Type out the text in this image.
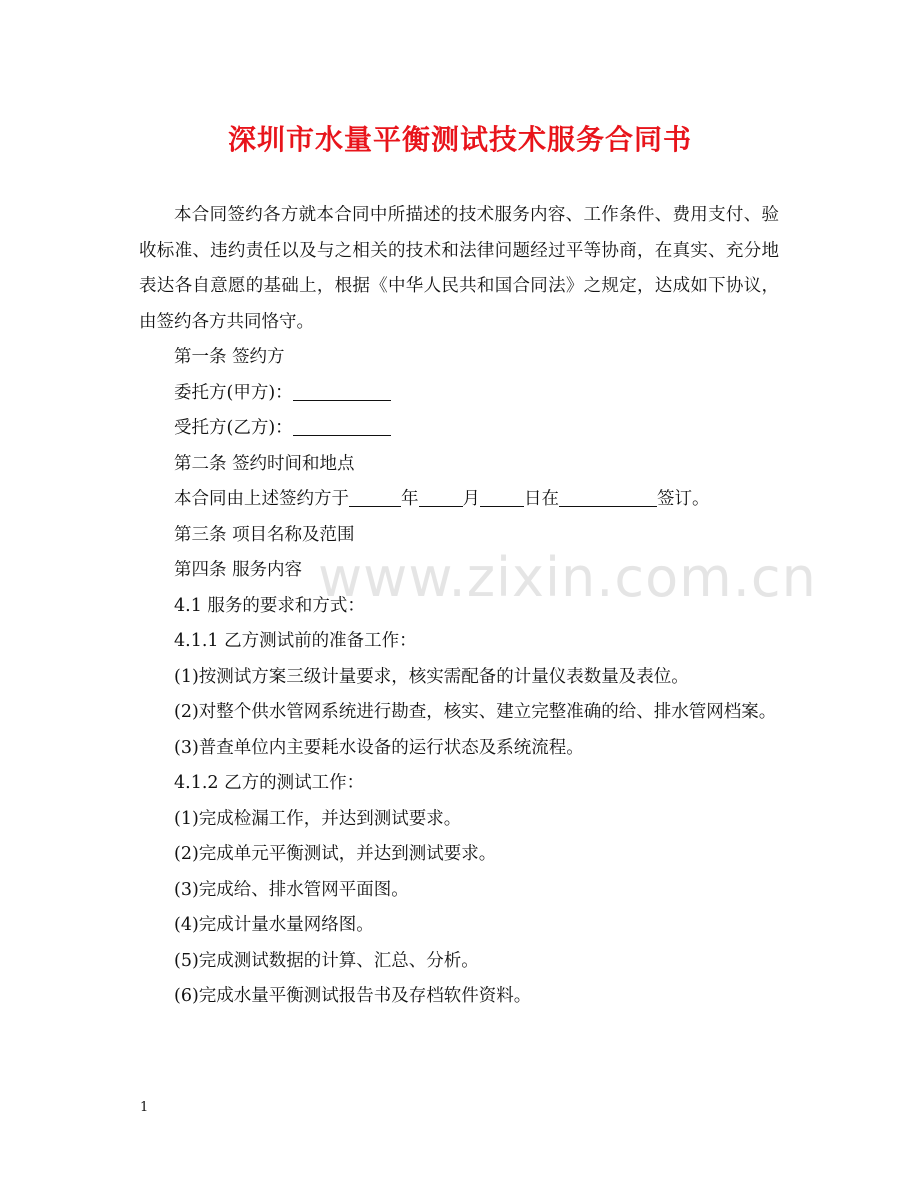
深圳市水量平衡测试技术服务合同书

本合同签约各方就本合同中所描述的技术服务内容、工作条件、费用支付、验收标准、违约责任以及与之相关的技术和法律问题经过平等协商，在真实、充分地表达各自意愿的基础上，根据《中华人民共和国合同法》之规定，达成如下协议，由签约各方共同恪守。

第一条 签约方

委托方(甲方)：

受托方(乙方)：

第二条 签约时间和地点

本合同由上述签约方于	年	月	日在	签订。

第三条 项目名称及范围

第四条 服务内容

4.1 服务的要求和方式：

4.1.1 乙方测试前的准备工作：

(1)按测试方案三级计量要求，核实需配备的计量仪表数量及表位。

(2)对整个供水管网系统进行勘查，核实、建立完整准确的给、排水管网档案。

(3)普查单位内主要耗水设备的运行状态及系统流程。

4.1.2 乙方的测试工作：

(1)完成检漏工作，并达到测试要求。

(2)完成单元平衡测试，并达到测试要求。

(3)完成给、排水管网平面图。

(4)完成计量水量网络图。

(5)完成测试数据的计算、汇总、分析。

(6)完成水量平衡测试报告书及存档软件资料。

www.zixin.com.cn
1
